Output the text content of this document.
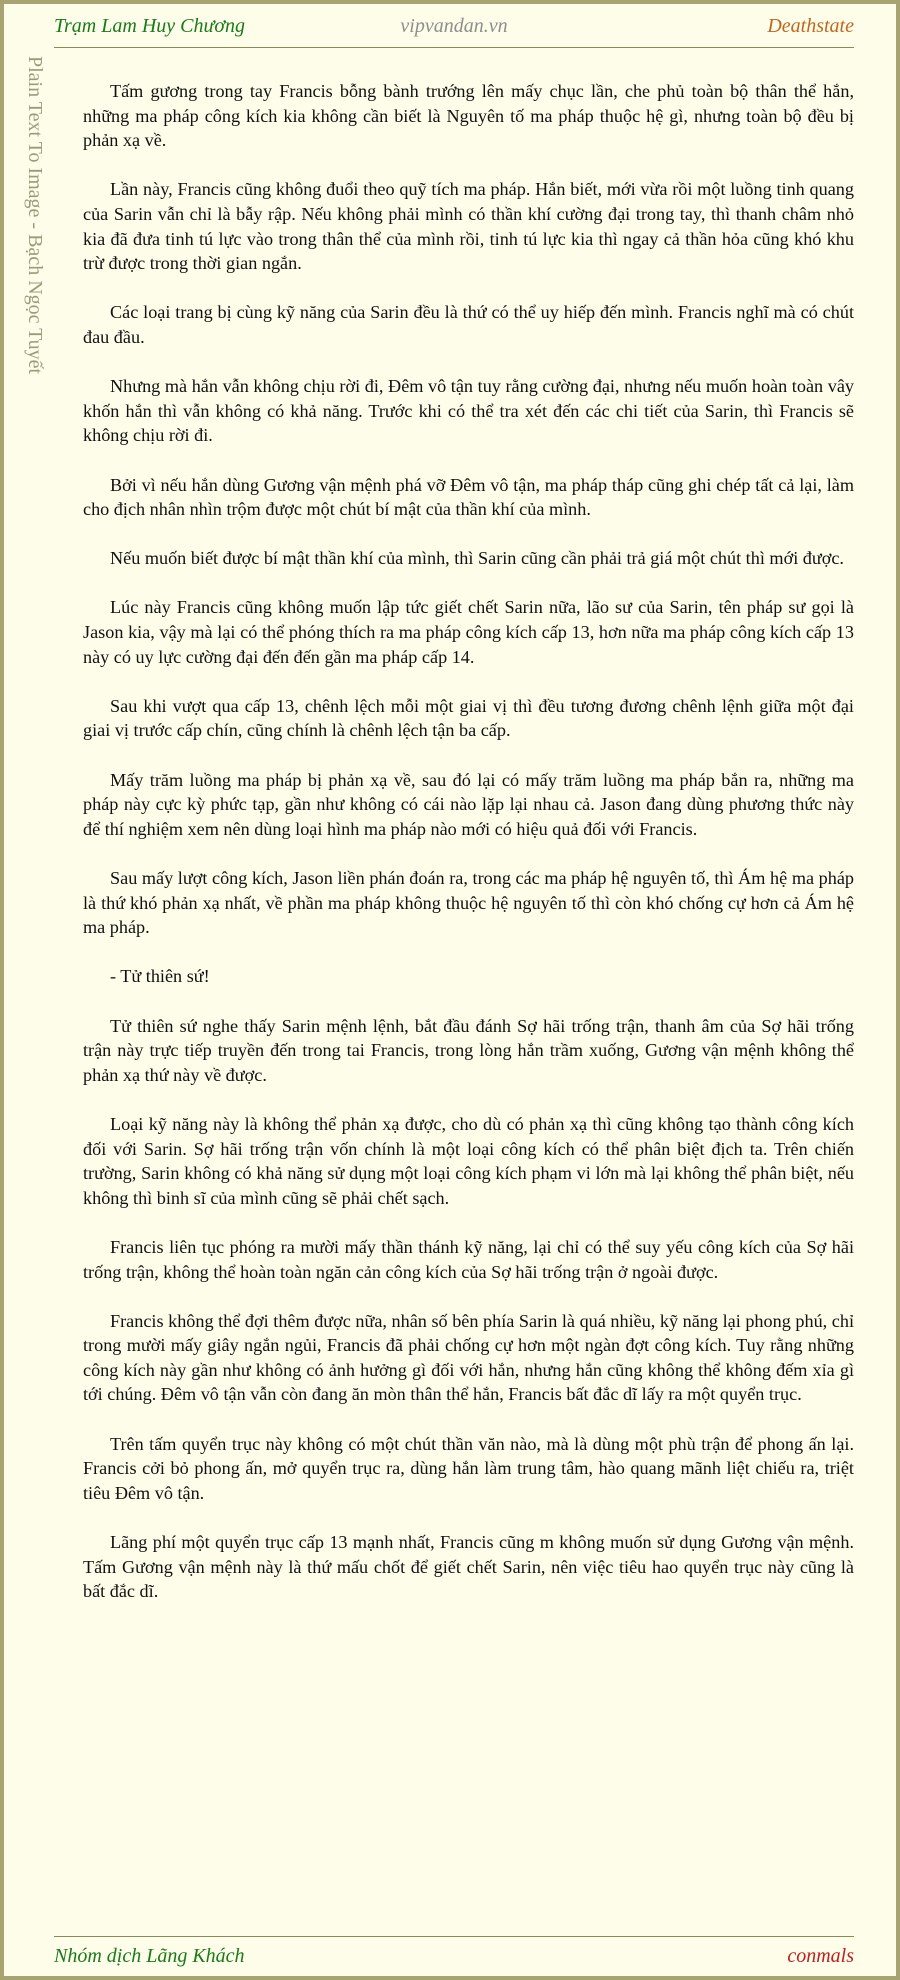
Trạm Lam Huy Chương	vipvandan.vn	Deathstate
Plain Text To Image - Bạch Ngọc Tuyết	Tấm gương trong tay Francis bỗng bành trướng lên mấy chục lần, che phủ toàn bộ thân thể hắn, những ma pháp công kích kia không cần biết là Nguyên tố ma pháp thuộc hệ gì, nhưng toàn bộ đều bị phản xạ về.

Lần này, Francis cũng không đuổi theo quỹ tích ma pháp. Hắn biết, mới vừa rồi một luồng tinh quang của Sarin vẫn chỉ là bẫy rập. Nếu không phải mình có thần khí cường đại trong tay, thì thanh châm nhỏ kia đã đưa tinh tú lực vào trong thân thể của mình rồi, tinh tú lực kia thì ngay cả thần hỏa cũng khó khu trừ được trong thời gian ngắn.

Các loại trang bị cùng kỹ năng của Sarin đều là thứ có thể uy hiếp đến mình. Francis nghĩ mà có chút đau đầu.

Nhưng mà hắn vẫn không chịu rời đi, Đêm vô tận tuy rằng cường đại, nhưng nếu muốn hoàn toàn vây khốn hắn thì vẫn không có khả năng. Trước khi có thể tra xét đến các chi tiết của Sarin, thì Francis sẽ không chịu rời đi.

Bởi vì nếu hắn dùng Gương vận mệnh phá vỡ Đêm vô tận, ma pháp tháp cũng ghi chép tất cả lại, làm cho địch nhân nhìn trộm được một chút bí mật của thần khí của mình.

Nếu muốn biết được bí mật thần khí của mình, thì Sarin cũng cần phải trả giá một chút thì mới được.

Lúc này Francis cũng không muốn lập tức giết chết Sarin nữa, lão sư của Sarin, tên pháp sư gọi là Jason kia, vậy mà lại có thể phóng thích ra ma pháp công kích cấp 13, hơn nữa ma pháp công kích cấp 13 này có uy lực cường đại đến đến gần ma pháp cấp 14.

Sau khi vượt qua cấp 13, chênh lệch mỗi một giai vị thì đều tương đương chênh lệnh giữa một đại giai vị trước cấp chín, cũng chính là chênh lệch tận ba cấp.

Mấy trăm luồng ma pháp bị phản xạ về, sau đó lại có mấy trăm luồng ma pháp bắn ra, những ma pháp này cực kỳ phức tạp, gần như không có cái nào lặp lại nhau cả. Jason đang dùng phương thức này để thí nghiệm xem nên dùng loại hình ma pháp nào mới có hiệu quả đối với Francis.

Sau mấy lượt công kích, Jason liền phán đoán ra, trong các ma pháp hệ nguyên tố, thì Ám hệ ma pháp là thứ khó phản xạ nhất, về phần ma pháp không thuộc hệ nguyên tố thì còn khó chống cự hơn cả Ám hệ ma pháp.

- Tử thiên sứ!

Tử thiên sứ nghe thấy Sarin mệnh lệnh, bắt đầu đánh Sợ hãi trống trận, thanh âm của Sợ hãi trống trận này trực tiếp truyền đến trong tai Francis, trong lòng hắn trầm xuống, Gương vận mệnh không thể phản xạ thứ này về được.

Loại kỹ năng này là không thể phản xạ được, cho dù có phản xạ thì cũng không tạo thành công kích đối với Sarin. Sợ hãi trống trận vốn chính là một loại công kích có thể phân biệt địch ta. Trên chiến trường, Sarin không có khả năng sử dụng một loại công kích phạm vi lớn mà lại không thể phân biệt, nếu không thì binh sĩ của mình cũng sẽ phải chết sạch.

Francis liên tục phóng ra mười mấy thần thánh kỹ năng, lại chỉ có thể suy yếu công kích của Sợ hãi trống trận, không thể hoàn toàn ngăn cản công kích của Sợ hãi trống trận ở ngoài được.

Francis không thể đợi thêm được nữa, nhân số bên phía Sarin là quá nhiều, kỹ năng lại phong phú, chỉ trong mười mấy giây ngắn ngủi, Francis đã phải chống cự hơn một ngàn đợt công kích. Tuy rằng những công kích này gần như không có ảnh hưởng gì đối với hắn, nhưng hắn cũng không thể không đếm xỉa gì tới chúng. Đêm vô tận vẫn còn đang ăn mòn thân thể hắn, Francis bất đắc dĩ lấy ra một quyển trục.

Trên tấm quyển trục này không có một chút thần văn nào, mà là dùng một phù trận để phong ấn lại. Francis cởi bỏ phong ấn, mở quyển trục ra, dùng hắn làm trung tâm, hào quang mãnh liệt chiếu ra, triệt tiêu Đêm vô tận.

Lãng phí một quyển trục cấp 13 mạnh nhất, Francis cũng m không muốn sử dụng Gương vận mệnh. Tấm Gương vận mệnh này là thứ mấu chốt để giết chết Sarin, nên việc tiêu hao quyển trục này cũng là bất đắc dĩ.

Nhóm dịch Lãng Khách	conmals
